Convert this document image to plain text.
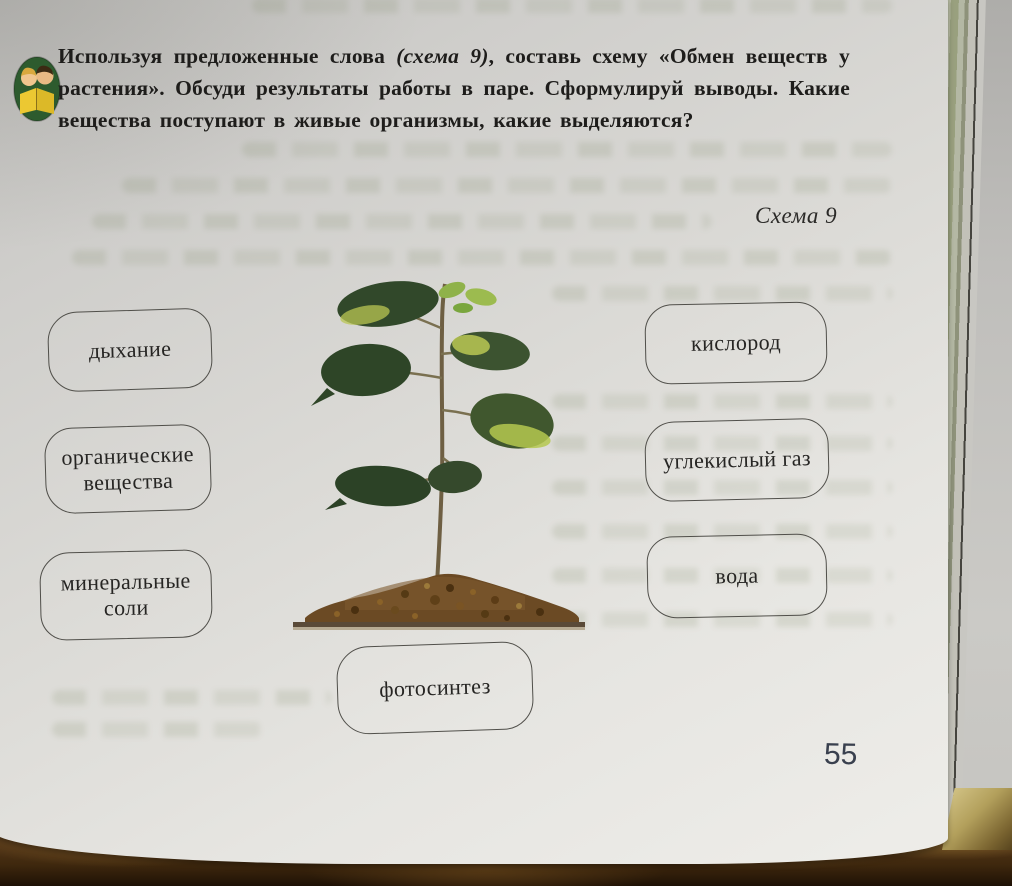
Используя предложенные слова (схема 9), составь схему «Обмен веществ у растения». Обсуди результаты работы в паре. Сформулируй выводы. Какие вещества поступают в живые организмы, какие выделяются?
Схема 9
дыхание
органические вещества
минеральные соли
кислород
углекислый газ
вода
фотосинтез
55
